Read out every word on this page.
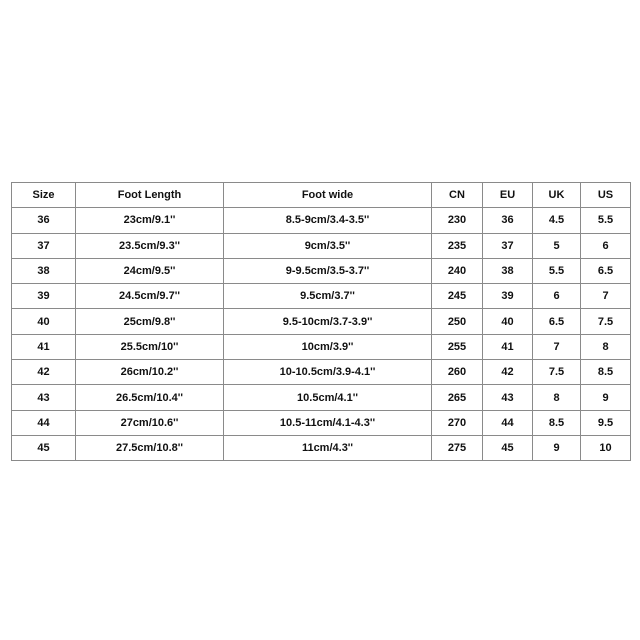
Size	Foot Length	Foot wide	CN	EU	UK	US
36	23cm/9.1''	8.5-9cm/3.4-3.5''	230	36	4.5	5.5
37	23.5cm/9.3''	9cm/3.5''	235	37	5	6
38	24cm/9.5''	9-9.5cm/3.5-3.7''	240	38	5.5	6.5
39	24.5cm/9.7''	9.5cm/3.7''	245	39	6	7
40	25cm/9.8''	9.5-10cm/3.7-3.9''	250	40	6.5	7.5
41	25.5cm/10''	10cm/3.9''	255	41	7	8
42	26cm/10.2''	10-10.5cm/3.9-4.1''	260	42	7.5	8.5
43	26.5cm/10.4''	10.5cm/4.1''	265	43	8	9
44	27cm/10.6''	10.5-11cm/4.1-4.3''	270	44	8.5	9.5
45	27.5cm/10.8''	11cm/4.3''	275	45	9	10
